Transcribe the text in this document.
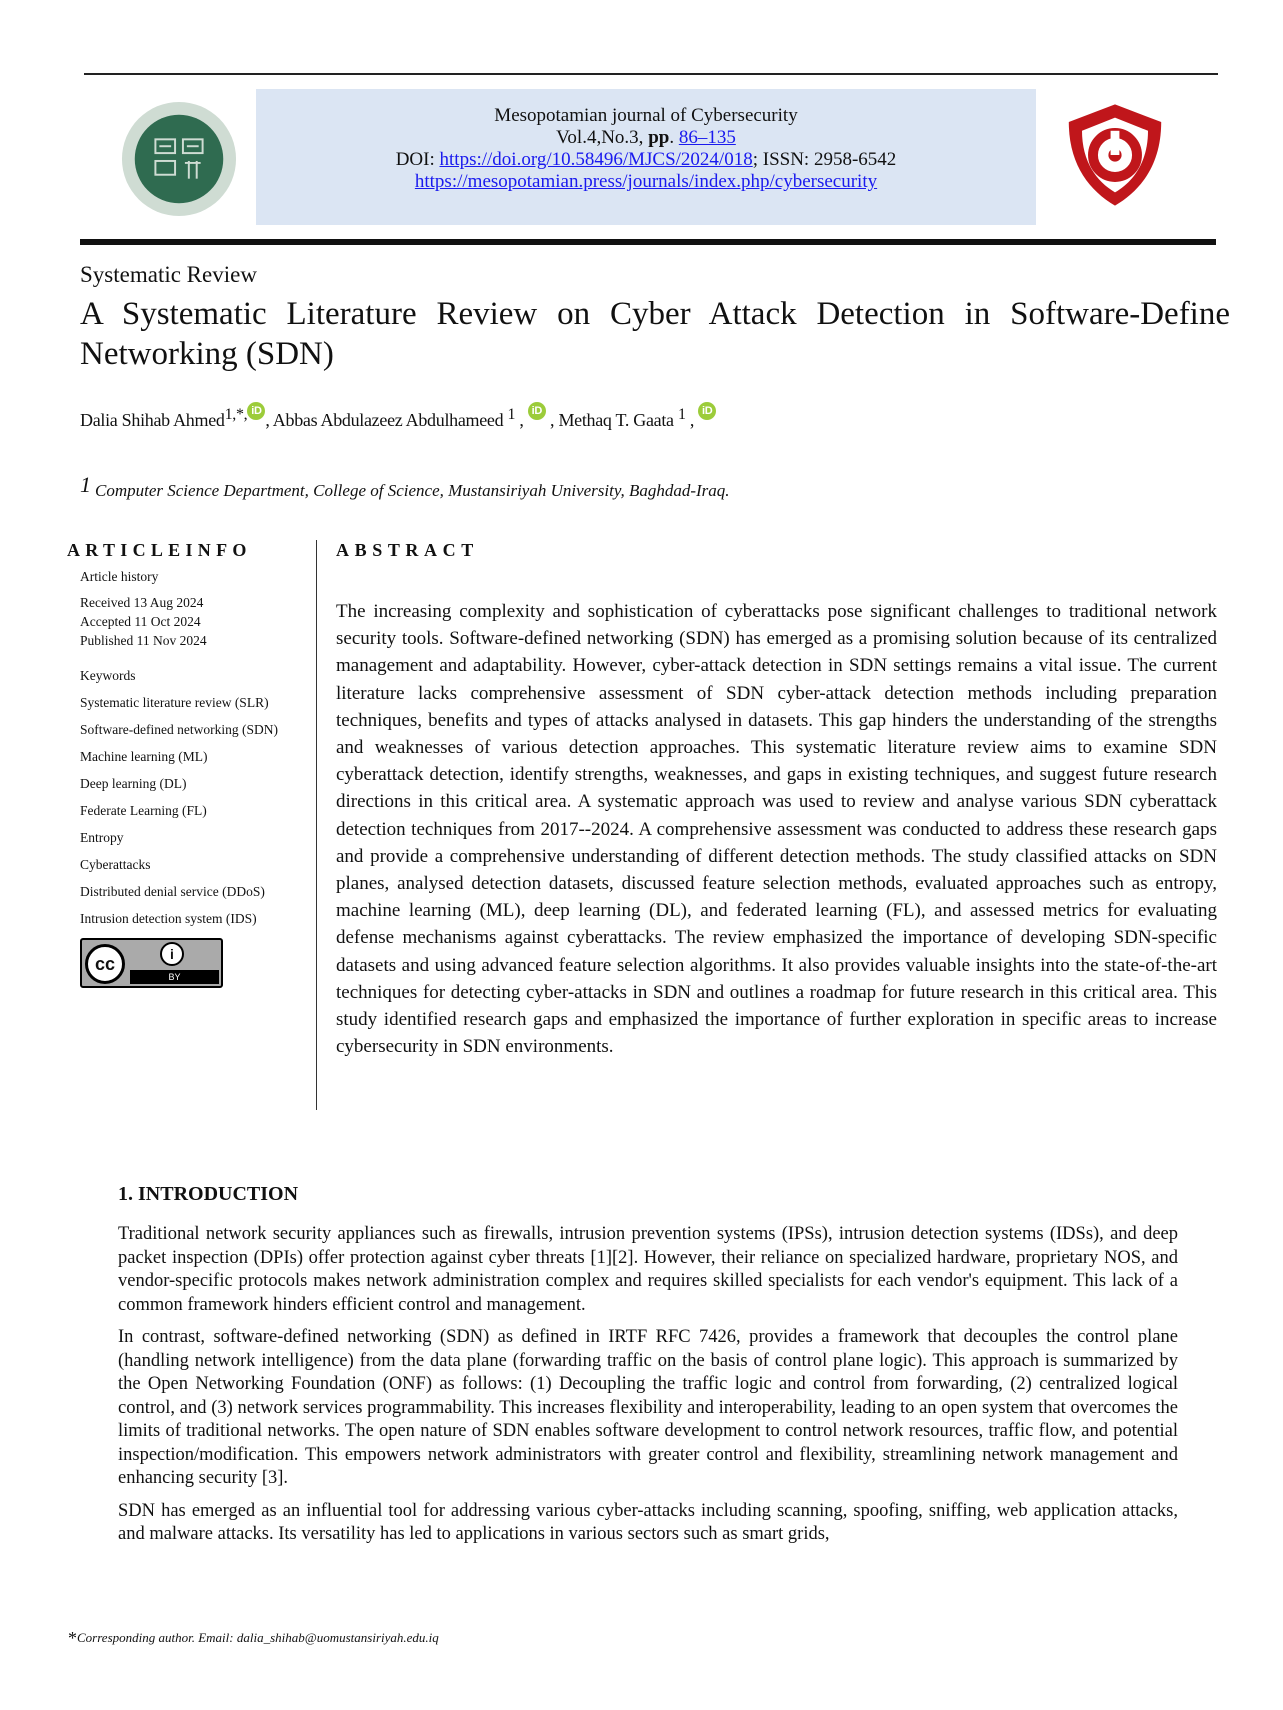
Mesopotamian journal of Cybersecurity
Vol.4,No.3, pp. 86–135
DOI: https://doi.org/10.58496/MJCS/2024/018; ISSN: 2958-6542
https://mesopotamian.press/journals/index.php/cybersecurity
Systematic Review
A Systematic Literature Review on Cyber Attack Detection in Software-Define Networking (SDN)
Dalia Shihab Ahmed$^{1,*,}$ iD , Abbas Abdulazeez Abdulhameed $^1$ , iD , Methaq T. Gaata $^1$ , iD
1 Computer Science Department, College of Science, Mustansiriyah University, Baghdad-Iraq.
ARTICLEINFO
Article history
Received 13 Aug 2024
Accepted 11 Oct 2024
Published 11 Nov 2024
Keywords
Systematic literature review (SLR)
Software-defined networking (SDN)
Machine learning (ML)
Deep learning (DL)
Federate Learning (FL)
Entropy
Cyberattacks
Distributed denial service (DDoS)
Intrusion detection system (IDS)
cc	i
BY
ABSTRACT
The increasing complexity and sophistication of cyberattacks pose significant challenges to traditional network security tools. Software-defined networking (SDN) has emerged as a promising solution because of its centralized management and adaptability. However, cyber-attack detection in SDN settings remains a vital issue. The current literature lacks comprehensive assessment of SDN cyber-attack detection methods including preparation techniques, benefits and types of attacks analysed in datasets. This gap hinders the understanding of the strengths and weaknesses of various detection approaches. This systematic literature review aims to examine SDN cyberattack detection, identify strengths, weaknesses, and gaps in existing techniques, and suggest future research directions in this critical area. A systematic approach was used to review and analyse various SDN cyberattack detection techniques from 2017--2024. A comprehensive assessment was conducted to address these research gaps and provide a comprehensive understanding of different detection methods. The study classified attacks on SDN planes, analysed detection datasets, discussed feature selection methods, evaluated approaches such as entropy, machine learning (ML), deep learning (DL), and federated learning (FL), and assessed metrics for evaluating defense mechanisms against cyberattacks. The review emphasized the importance of developing SDN-specific datasets and using advanced feature selection algorithms. It also provides valuable insights into the state-of-the-art techniques for detecting cyber-attacks in SDN and outlines a roadmap for future research in this critical area. This study identified research gaps and emphasized the importance of further exploration in specific areas to increase cybersecurity in SDN environments.
1. INTRODUCTION

Traditional network security appliances such as firewalls, intrusion prevention systems (IPSs), intrusion detection systems (IDSs), and deep packet inspection (DPIs) offer protection against cyber threats [1][2]. However, their reliance on specialized hardware, proprietary NOS, and vendor-specific protocols makes network administration complex and requires skilled specialists for each vendor's equipment. This lack of a common framework hinders efficient control and management.

In contrast, software-defined networking (SDN) as defined in IRTF RFC 7426, provides a framework that decouples the control plane (handling network intelligence) from the data plane (forwarding traffic on the basis of control plane logic). This approach is summarized by the Open Networking Foundation (ONF) as follows: (1) Decoupling the traffic logic and control from forwarding, (2) centralized logical control, and (3) network services programmability. This increases flexibility and interoperability, leading to an open system that overcomes the limits of traditional networks. The open nature of SDN enables software development to control network resources, traffic flow, and potential inspection/modification. This empowers network administrators with greater control and flexibility, streamlining network management and enhancing security [3].

SDN has emerged as an influential tool for addressing various cyber-attacks including scanning, spoofing, sniffing, web application attacks, and malware attacks. Its versatility has led to applications in various sectors such as smart grids,

*Corresponding author. Email: dalia_shihab@uomustansiriyah.edu.iq
